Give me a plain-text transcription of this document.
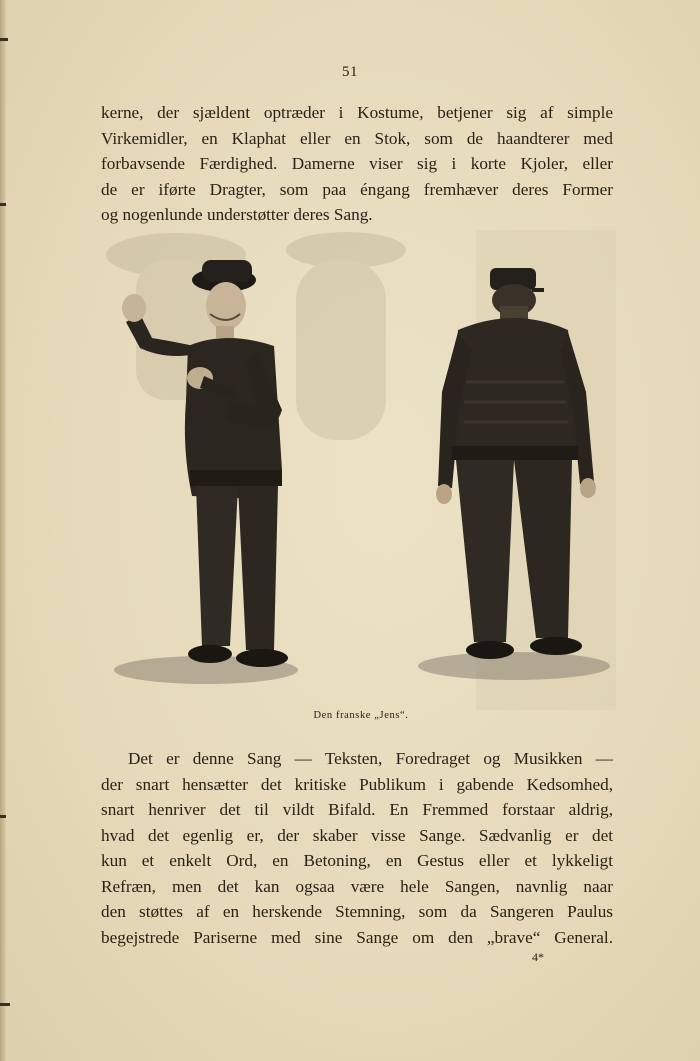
51
kerne, der sjældent optræder i Kostume, betjener sig af simple
Virkemidler, en Klaphat eller en Stok, som de haandterer med
forbavsende Færdighed. Damerne viser sig i korte Kjoler, eller
de er iførte Dragter, som paa éngang fremhæver deres Former
og nogenlunde understøtter deres Sang.
Den franske „Jens“.
Det er denne Sang — Teksten, Foredraget og Musikken —
der snart hensætter det kritiske Publikum i gabende Kedsomhed,
snart henriver det til vildt Bifald. En Fremmed forstaar aldrig,
hvad det egenlig er, der skaber visse Sange. Sædvanlig er det
kun et enkelt Ord, en Betoning, en Gestus eller et lykkeligt
Refræn, men det kan ogsaa være hele Sangen, navnlig naar
den støttes af en herskende Stemning, som da Sangeren Paulus
begejstrede Pariserne med sine Sange om den „brave“ General.
4*
